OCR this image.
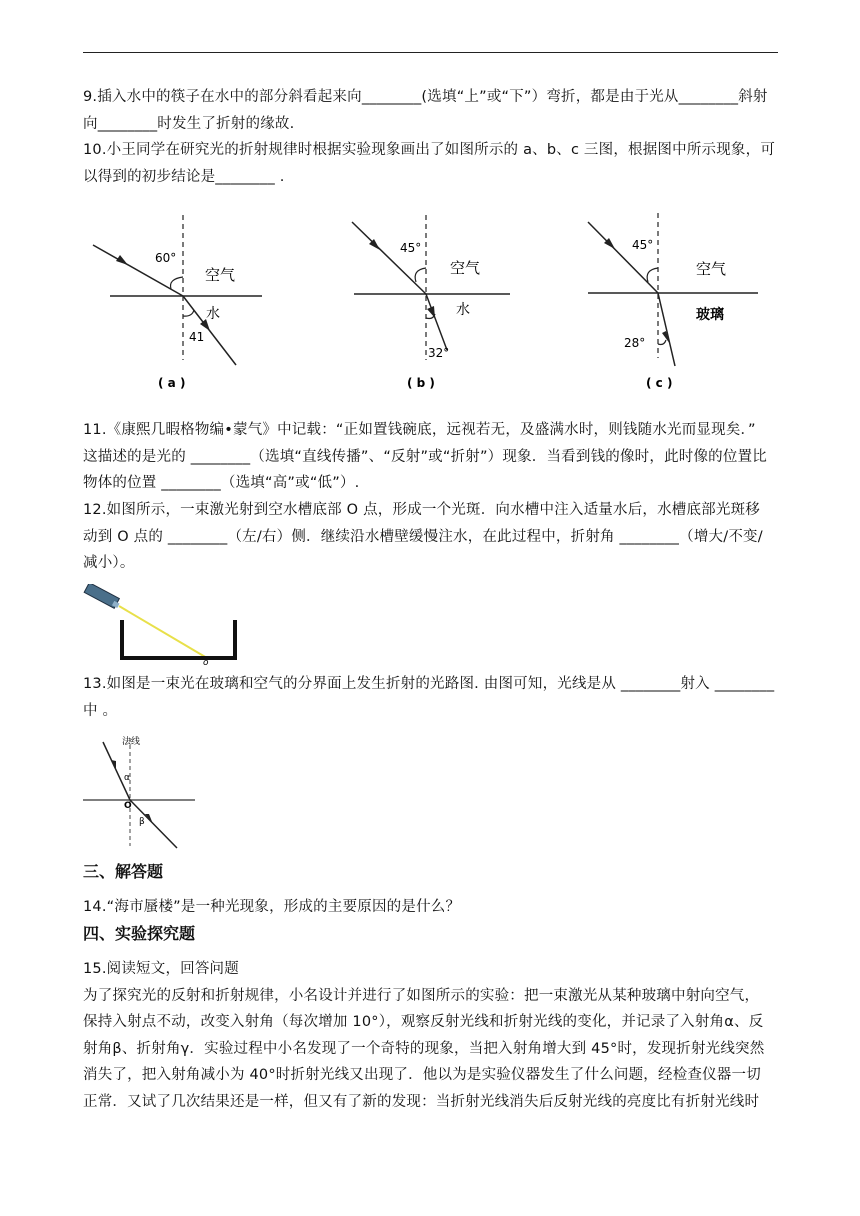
9.插入水中的筷子在水中的部分斜看起来向________(选填“上”或“下”）弯折，都是由于光从________斜射
向________时发生了折射的缘故.
10.小王同学在研究光的折射规律时根据实验现象画出了如图所示的 a、b、c 三图，根据图中所示现象，可
以得到的初步结论是________ .
60°
空气
水
41
( a )
45°
空气
水
32°
( b )
45°
空气
玻璃
28°
( c )
11.《康熙几暇格物编•蒙气》中记载：“正如置钱碗底，远视若无，及盛满水时，则钱随水光而显现矣．”
这描述的是光的 ________（选填“直线传播”、“反射”或“折射”）现象．当看到钱的像时，此时像的位置比
物体的位置 ________（选填“高”或“低”）.
12.如图所示，一束激光射到空水槽底部 O 点，形成一个光斑．向水槽中注入适量水后，水槽底部光斑移
动到 O 点的 ________（左/右）侧．继续沿水槽壁缓慢注水，在此过程中，折射角 ________（增大/不变/
减小）。
o
13.如图是一束光在玻璃和空气的分界面上发生折射的光路图. 由图可知，光线是从 ________射入 ________
中 。
法线
O
α
β
三、解答题
14.“海市蜃楼”是一种光现象，形成的主要原因的是什么？
四、实验探究题
15.阅读短文，回答问题
为了探究光的反射和折射规律，小名设计并进行了如图所示的实验：把一束激光从某种玻璃中射向空气，
保持入射点不动，改变入射角（每次增加 10°），观察反射光线和折射光线的变化，并记录了入射角α、反
射角β、折射角γ．实验过程中小名发现了一个奇特的现象，当把入射角增大到 45°时，发现折射光线突然
消失了，把入射角减小为 40°时折射光线又出现了．他以为是实验仪器发生了什么问题，经检查仪器一切
正常．又试了几次结果还是一样，但又有了新的发现：当折射光线消失后反射光线的亮度比有折射光线时
